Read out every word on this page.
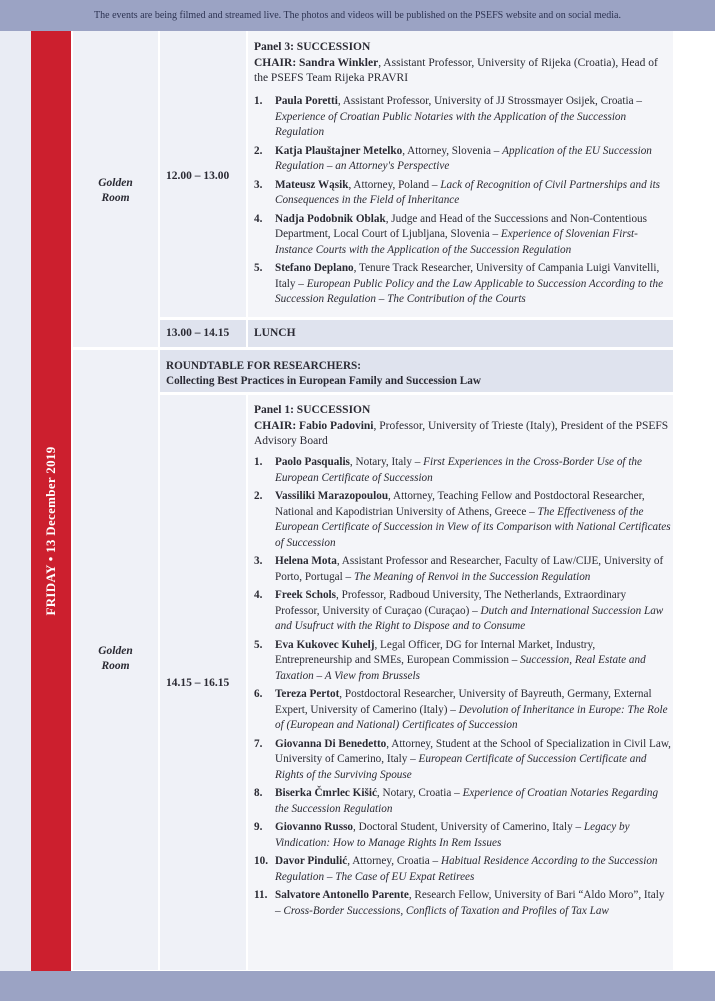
The events are being filmed and streamed live. The photos and videos will be published on the PSEFS website and on social media.
FRIDAY • 13 December 2019
Golden
Room
12.00 – 13.00
Panel 3: SUCCESSION
CHAIR: Sandra Winkler, Assistant Professor, University of Rijeka (Croatia), Head of the PSEFS Team Rijeka PRAVRI
1. Paula Poretti, Assistant Professor, University of JJ Strossmayer Osijek, Croatia – Experience of Croatian Public Notaries with the Application of the Succession Regulation
2. Katja Plauštajner Metelko, Attorney, Slovenia – Application of the EU Succession Regulation – an Attorney's Perspective
3. Mateusz Wąsik, Attorney, Poland – Lack of Recognition of Civil Partnerships and its Consequences in the Field of Inheritance
4. Nadja Podobnik Oblak, Judge and Head of the Successions and Non-Contentious Department, Local Court of Ljubljana, Slovenia – Experience of Slovenian First-Instance Courts with the Application of the Succession Regulation
5. Stefano Deplano, Tenure Track Researcher, University of Campania Luigi Vanvitelli, Italy – European Public Policy and the Law Applicable to Succession According to the Succession Regulation – The Contribution of the Courts
13.00 – 14.15 LUNCH
Golden
Room
ROUNDTABLE FOR RESEARCHERS:
Collecting Best Practices in European Family and Succession Law
14.15 – 16.15
Panel 1: SUCCESSION
CHAIR: Fabio Padovini, Professor, University of Trieste (Italy), President of the PSEFS Advisory Board
1. Paolo Pasqualis, Notary, Italy – First Experiences in the Cross-Border Use of the European Certificate of Succession
2. Vassiliki Marazopoulou, Attorney, Teaching Fellow and Postdoctoral Researcher, National and Kapodistrian University of Athens, Greece – The Effectiveness of the European Certificate of Succession in View of its Comparison with National Certificates of Succession
3. Helena Mota, Assistant Professor and Researcher, Faculty of Law/CIJE, University of Porto, Portugal – The Meaning of Renvoi in the Succession Regulation
4. Freek Schols, Professor, Radboud University, The Netherlands, Extraordinary Professor, University of Curaçao (Curaçao) – Dutch and International Succession Law and Usufruct with the Right to Dispose and to Consume
5. Eva Kukovec Kuhelj, Legal Officer, DG for Internal Market, Industry, Entrepreneurship and SMEs, European Commission – Succession, Real Estate and Taxation – A View from Brussels
6. Tereza Pertot, Postdoctoral Researcher, University of Bayreuth, Germany, External Expert, University of Camerino (Italy) – Devolution of Inheritance in Europe: The Role of (European and National) Certificates of Succession
7. Giovanna Di Benedetto, Attorney, Student at the School of Specialization in Civil Law, University of Camerino, Italy – European Certificate of Succession Certificate and Rights of the Surviving Spouse
8. Biserka Čmrlec Kišić, Notary, Croatia – Experience of Croatian Notaries Regarding the Succession Regulation
9. Giovanno Russo, Doctoral Student, University of Camerino, Italy – Legacy by Vindication: How to Manage Rights In Rem Issues
10. Davor Pindulić, Attorney, Croatia – Habitual Residence According to the Succession Regulation – The Case of EU Expat Retirees
11. Salvatore Antonello Parente, Research Fellow, University of Bari “Aldo Moro”, Italy – Cross-Border Successions, Conflicts of Taxation and Profiles of Tax Law
